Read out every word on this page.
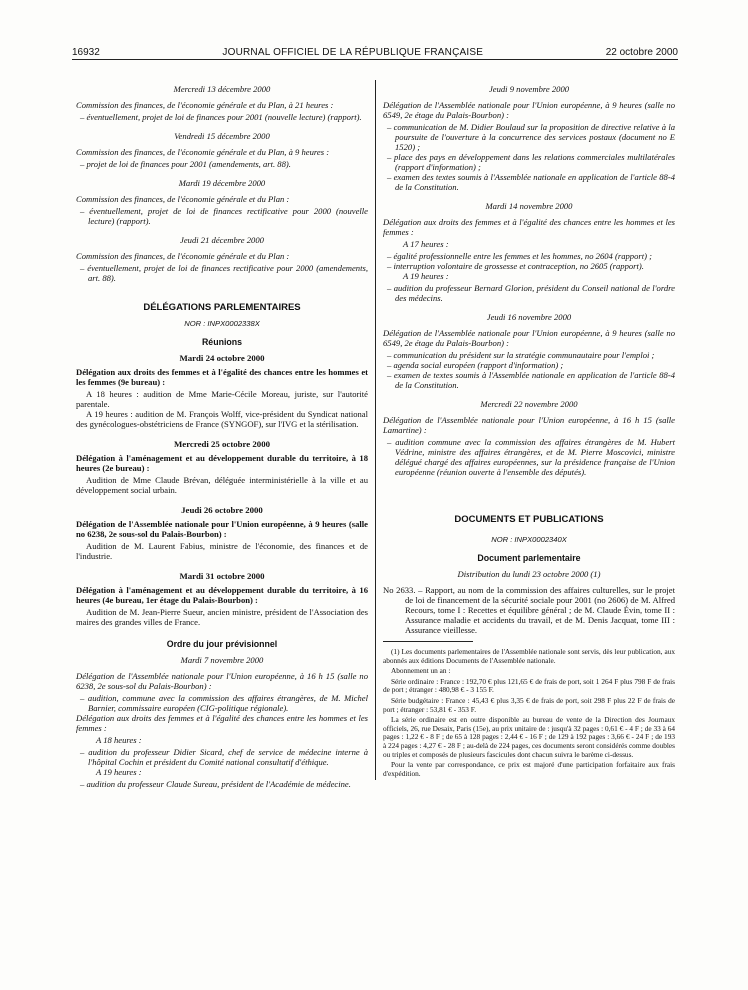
16932	JOURNAL OFFICIEL DE LA RÉPUBLIQUE FRANÇAISE	22 octobre 2000

Mercredi 13 décembre 2000

Commission des finances, de l'économie générale et du Plan, à 21 heures :

– éventuellement, projet de loi de finances pour 2001 (nouvelle lecture) (rapport).

Vendredi 15 décembre 2000

Commission des finances, de l'économie générale et du Plan, à 9 heures :

– projet de loi de finances pour 2001 (amendements, art. 88).

Mardi 19 décembre 2000

Commission des finances, de l'économie générale et du Plan :

– éventuellement, projet de loi de finances rectificative pour 2000 (nouvelle lecture) (rapport).

Jeudi 21 décembre 2000

Commission des finances, de l'économie générale et du Plan :

– éventuellement, projet de loi de finances rectificative pour 2000 (amendements, art. 88).

DÉLÉGATIONS PARLEMENTAIRES
NOR : INPX0002338X
Réunions

Mardi 24 octobre 2000

Délégation aux droits des femmes et à l'égalité des chances entre les hommes et les femmes (9e bureau) :

A 18 heures : audition de Mme Marie-Cécile Moreau, juriste, sur l'autorité parentale.

A 19 heures : audition de M. François Wolff, vice-président du Syndicat national des gynécologues-obstétriciens de France (SYNGOF), sur l'IVG et la stérilisation.

Mercredi 25 octobre 2000

Délégation à l'aménagement et au développement durable du territoire, à 18 heures (2e bureau) :

Audition de Mme Claude Brévan, déléguée interministérielle à la ville et au développement social urbain.

Jeudi 26 octobre 2000

Délégation de l'Assemblée nationale pour l'Union européenne, à 9 heures (salle no 6238, 2e sous-sol du Palais-Bourbon) :

Audition de M. Laurent Fabius, ministre de l'économie, des finances et de l'industrie.

Mardi 31 octobre 2000

Délégation à l'aménagement et au développement durable du territoire, à 16 heures (4e bureau, 1er étage du Palais-Bourbon) :

Audition de M. Jean-Pierre Sueur, ancien ministre, président de l'Association des maires des grandes villes de France.

Ordre du jour prévisionnel

Mardi 7 novembre 2000

Délégation de l'Assemblée nationale pour l'Union européenne, à 16 h 15 (salle no 6238, 2e sous-sol du Palais-Bourbon) :

– audition, commune avec la commission des affaires étrangères, de M. Michel Barnier, commissaire européen (CIG-politique régionale).

Délégation aux droits des femmes et à l'égalité des chances entre les hommes et les femmes :

A 18 heures :

– audition du professeur Didier Sicard, chef de service de médecine interne à l'hôpital Cochin et président du Comité national consultatif d'éthique.

A 19 heures :

– audition du professeur Claude Sureau, président de l'Académie de médecine.

Jeudi 9 novembre 2000

Délégation de l'Assemblée nationale pour l'Union européenne, à 9 heures (salle no 6549, 2e étage du Palais-Bourbon) :

– communication de M. Didier Boulaud sur la proposition de directive relative à la poursuite de l'ouverture à la concurrence des services postaux (document no E 1520) ;

– place des pays en développement dans les relations commerciales multilatérales (rapport d'information) ;

– examen des textes soumis à l'Assemblée nationale en application de l'article 88-4 de la Constitution.

Mardi 14 novembre 2000

Délégation aux droits des femmes et à l'égalité des chances entre les hommes et les femmes :

A 17 heures :

– égalité professionnelle entre les femmes et les hommes, no 2604 (rapport) ;

– interruption volontaire de grossesse et contraception, no 2605 (rapport).

A 19 heures :

– audition du professeur Bernard Glorion, président du Conseil national de l'ordre des médecins.

Jeudi 16 novembre 2000

Délégation de l'Assemblée nationale pour l'Union européenne, à 9 heures (salle no 6549, 2e étage du Palais-Bourbon) :

– communication du président sur la stratégie communautaire pour l'emploi ;

– agenda social européen (rapport d'information) ;

– examen de textes soumis à l'Assemblée nationale en application de l'article 88-4 de la Constitution.

Mercredi 22 novembre 2000

Délégation de l'Assemblée nationale pour l'Union européenne, à 16 h 15 (salle Lamartine) :

– audition commune avec la commission des affaires étrangères de M. Hubert Védrine, ministre des affaires étrangères, et de M. Pierre Moscovici, ministre délégué chargé des affaires européennes, sur la présidence française de l'Union européenne (réunion ouverte à l'ensemble des députés).

DOCUMENTS ET PUBLICATIONS
NOR : INPX0002340X
Document parlementaire

Distribution du lundi 23 octobre 2000 (1)

No 2633. – Rapport, au nom de la commission des affaires culturelles, sur le projet de loi de financement de la sécurité sociale pour 2001 (no 2606) de M. Alfred Recours, tome I : Recettes et équilibre général ; de M. Claude Évin, tome II : Assurance maladie et accidents du travail, et de M. Denis Jacquat, tome III : Assurance vieillesse.

(1) Les documents parlementaires de l'Assemblée nationale sont servis, dès leur publication, aux abonnés aux éditions Documents de l'Assemblée nationale.

Abonnement un an :

Série ordinaire : France : 192,70 € plus 121,65 € de frais de port, soit 1 264 F plus 798 F de frais de port ; étranger : 480,98 € - 3 155 F.

Série budgétaire : France : 45,43 € plus 3,35 € de frais de port, soit 298 F plus 22 F de frais de port ; étranger : 53,81 € - 353 F.

La série ordinaire est en outre disponible au bureau de vente de la Direction des Journaux officiels, 26, rue Desaix, Paris (15e), au prix unitaire de : jusqu'à 32 pages : 0,61 € - 4 F ; de 33 à 64 pages : 1,22 € - 8 F ; de 65 à 128 pages : 2,44 € - 16 F ; de 129 à 192 pages : 3,66 € - 24 F ; de 193 à 224 pages : 4,27 € - 28 F ; au-delà de 224 pages, ces documents seront considérés comme doubles ou triples et composés de plusieurs fascicules dont chacun suivra le barème ci-dessus.

Pour la vente par correspondance, ce prix est majoré d'une participation forfaitaire aux frais d'expédition.
